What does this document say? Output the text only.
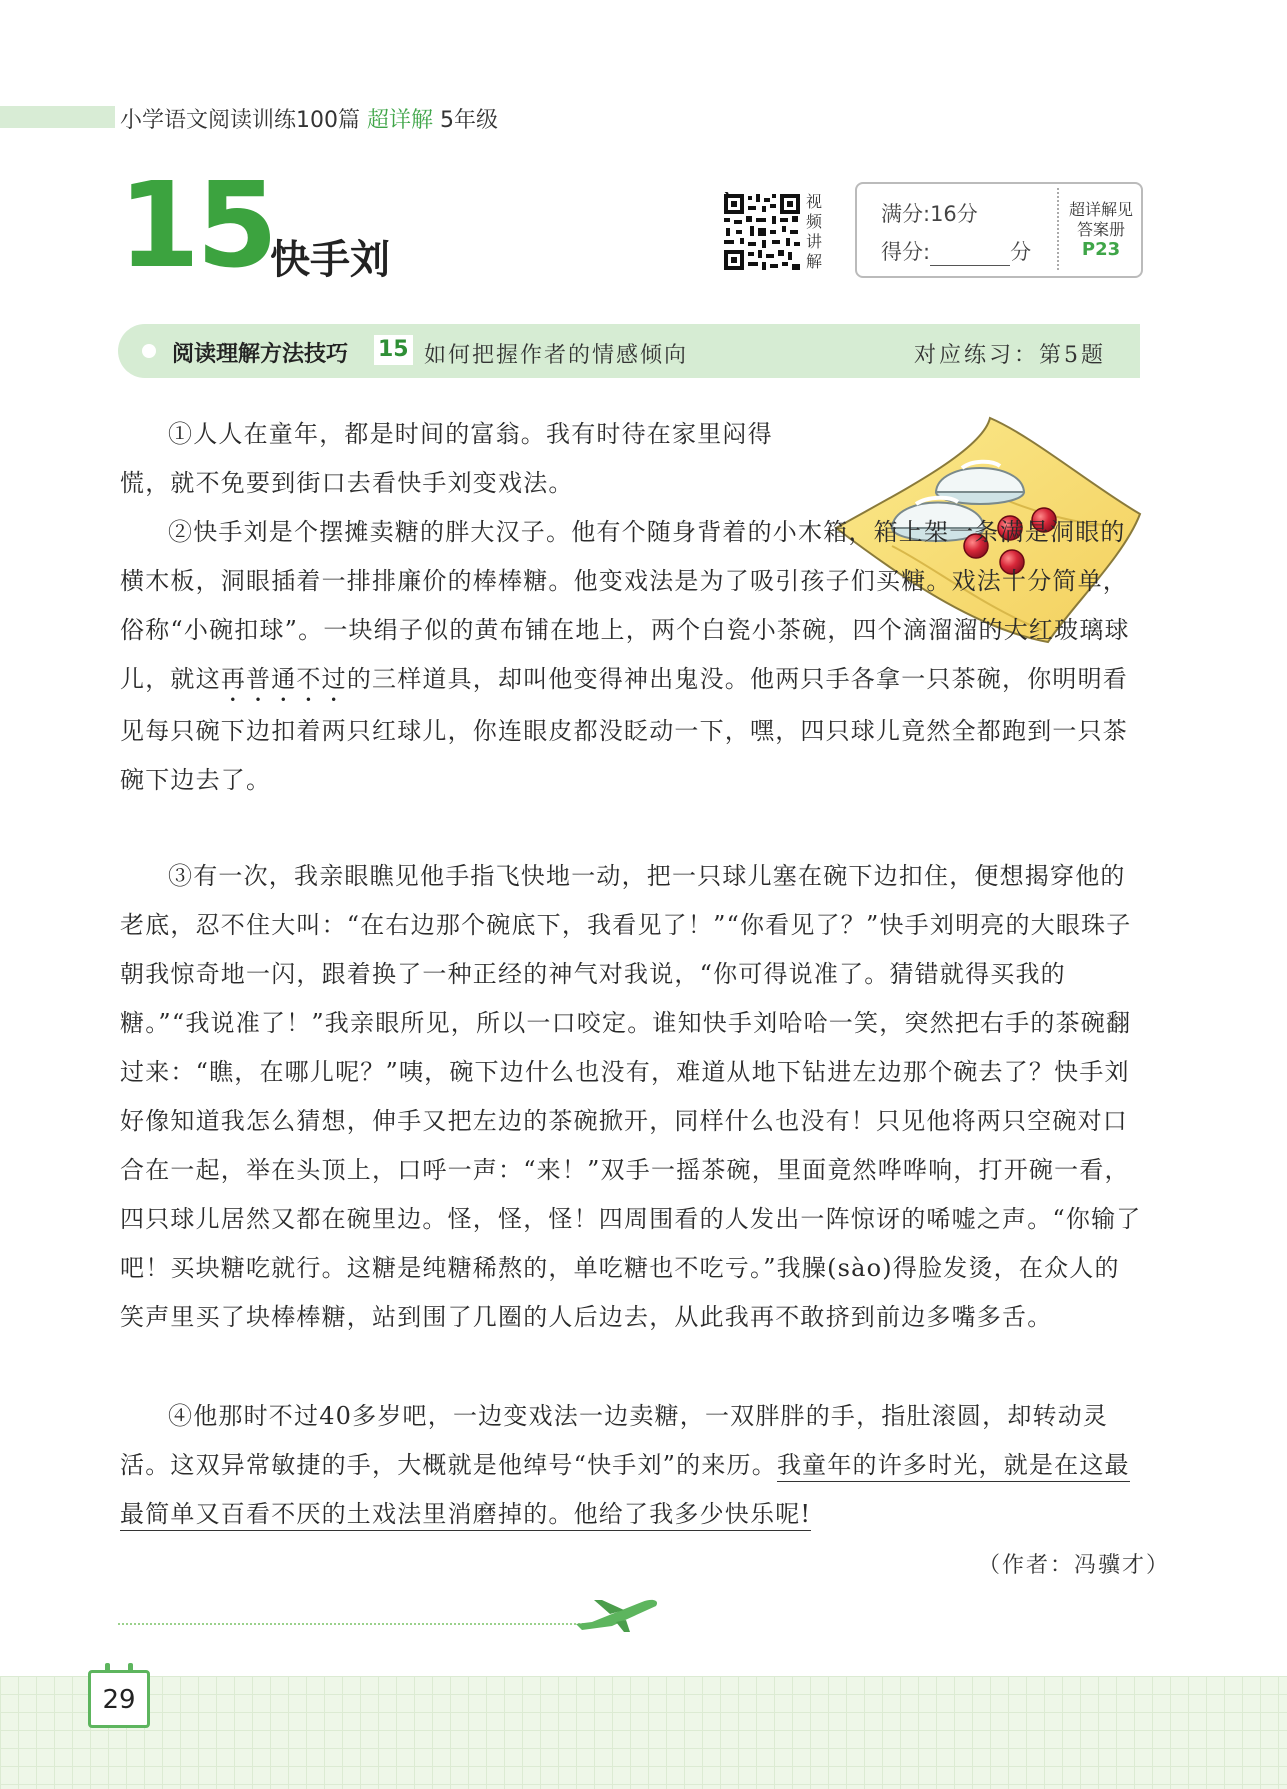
小学语文阅读训练100篇 超详解 5年级
15
快手刘
视
频
讲
解
满分:16分
得分:	分
超详解见
答案册
P23
阅读理解方法技巧 15 如何把握作者的情感倾向	对应练习：第5题

①人人在童年，都是时间的富翁。我有时待在家里闷得慌，就不免要到街口去看快手刘变戏法。

②快手刘是个摆摊卖糖的胖大汉子。他有个随身背着的小木箱，箱上架一条满是洞眼的横木板，洞眼插着一排排廉价的棒棒糖。他变戏法是为了吸引孩子们买糖。戏法十分简单，俗称“小碗扣球”。一块绢子似的黄布铺在地上，两个白瓷小茶碗，四个滴溜溜的大红玻璃球儿，就这再普通不过的三样道具，却叫他变得神出鬼没。他两只手各拿一只茶碗，你明明看见每只碗下边扣着两只红球儿，你连眼皮都没眨动一下，嘿，四只球儿竟然全都跑到一只茶碗下边去了。

③有一次，我亲眼瞧见他手指飞快地一动，把一只球儿塞在碗下边扣住，便想揭穿他的老底，忍不住大叫：“在右边那个碗底下，我看见了！”“你看见了？”快手刘明亮的大眼珠子朝我惊奇地一闪，跟着换了一种正经的神气对我说，“你可得说准了。猜错就得买我的糖。”“我说准了！”我亲眼所见，所以一口咬定。谁知快手刘哈哈一笑，突然把右手的茶碗翻过来：“瞧，在哪儿呢？”咦，碗下边什么也没有，难道从地下钻进左边那个碗去了？快手刘好像知道我怎么猜想，伸手又把左边的茶碗掀开，同样什么也没有！只见他将两只空碗对口合在一起，举在头顶上，口呼一声：“来！”双手一摇茶碗，里面竟然哗哗响，打开碗一看，四只球儿居然又都在碗里边。怪，怪，怪！四周围看的人发出一阵惊讶的唏嘘之声。“你输了吧！买块糖吃就行。这糖是纯糖稀熬的，单吃糖也不吃亏。”我臊(sào)得脸发烫，在众人的笑声里买了块棒棒糖，站到围了几圈的人后边去，从此我再不敢挤到前边多嘴多舌。

④他那时不过40多岁吧，一边变戏法一边卖糖，一双胖胖的手，指肚滚圆，却转动灵活。这双异常敏捷的手，大概就是他绰号“快手刘”的来历。我童年的许多时光，就是在这最最简单又百看不厌的土戏法里消磨掉的。他给了我多少快乐呢!

（作者：冯骥才）
29
